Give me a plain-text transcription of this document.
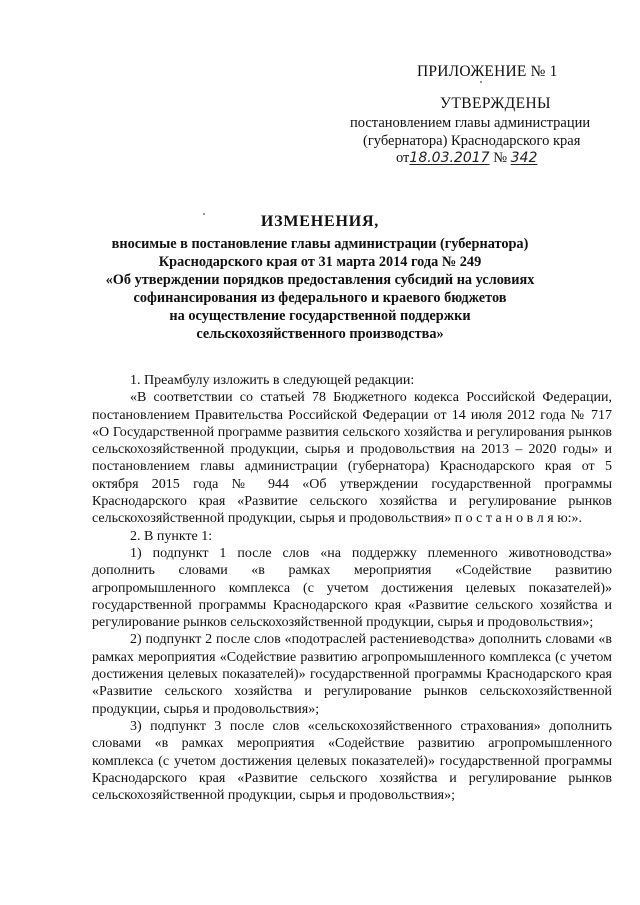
ПРИЛОЖЕНИЕ № 1
УТВЕРЖДЕНЫ
постановлением главы администрации
(губернатора) Краснодарского края
от18.03.2017 № 342
ИЗМЕНЕНИЯ,
вносимые в постановление главы администрации (губернатора)
Краснодарского края от 31 марта 2014 года № 249
«Об утверждении порядков предоставления субсидий на условиях
софинансирования из федерального и краевого бюджетов
на осуществление государственной поддержки
сельскохозяйственного производства»

1. Преамбулу изложить в следующей редакции:

«В соответствии со статьей 78 Бюджетного кодекса Российской Федерации, постановлением Правительства Российской Федерации от 14 июля 2012 года № 717 «О Государственной программе развития сельского хозяйства и регулирования рынков сельскохозяйственной продукции, сырья и продовольствия на 2013 – 2020 годы» и постановлением главы администрации (губернатора) Краснодарского края от 5 октября 2015 года № 944 «Об утверждении государственной программы Краснодарского края «Развитие сельского хозяйства и регулирование рынков сельскохозяйственной продукции, сырья и продовольствия» п о с т а н о в л я ю:».

2. В пункте 1:

1) подпункт 1 после слов «на поддержку племенного животноводства» дополнить словами «в рамках мероприятия «Содействие развитию агропромышленного комплекса (с учетом достижения целевых показателей)» государственной программы Краснодарского края «Развитие сельского хозяйства и регулирование рынков сельскохозяйственной продукции, сырья и продовольствия»;

2) подпункт 2 после слов «подотраслей растениеводства» дополнить словами «в рамках мероприятия «Содействие развитию агропромышленного комплекса (с учетом достижения целевых показателей)» государственной программы Краснодарского края «Развитие сельского хозяйства и регулирование рынков сельскохозяйственной продукции, сырья и продовольствия»;

3) подпункт 3 после слов «сельскохозяйственного страхования» дополнить словами «в рамках мероприятия «Содействие развитию агропромышленного комплекса (с учетом достижения целевых показателей)» государственной программы Краснодарского края «Развитие сельского хозяйства и регулирование рынков сельскохозяйственной продукции, сырья и продовольствия»;
